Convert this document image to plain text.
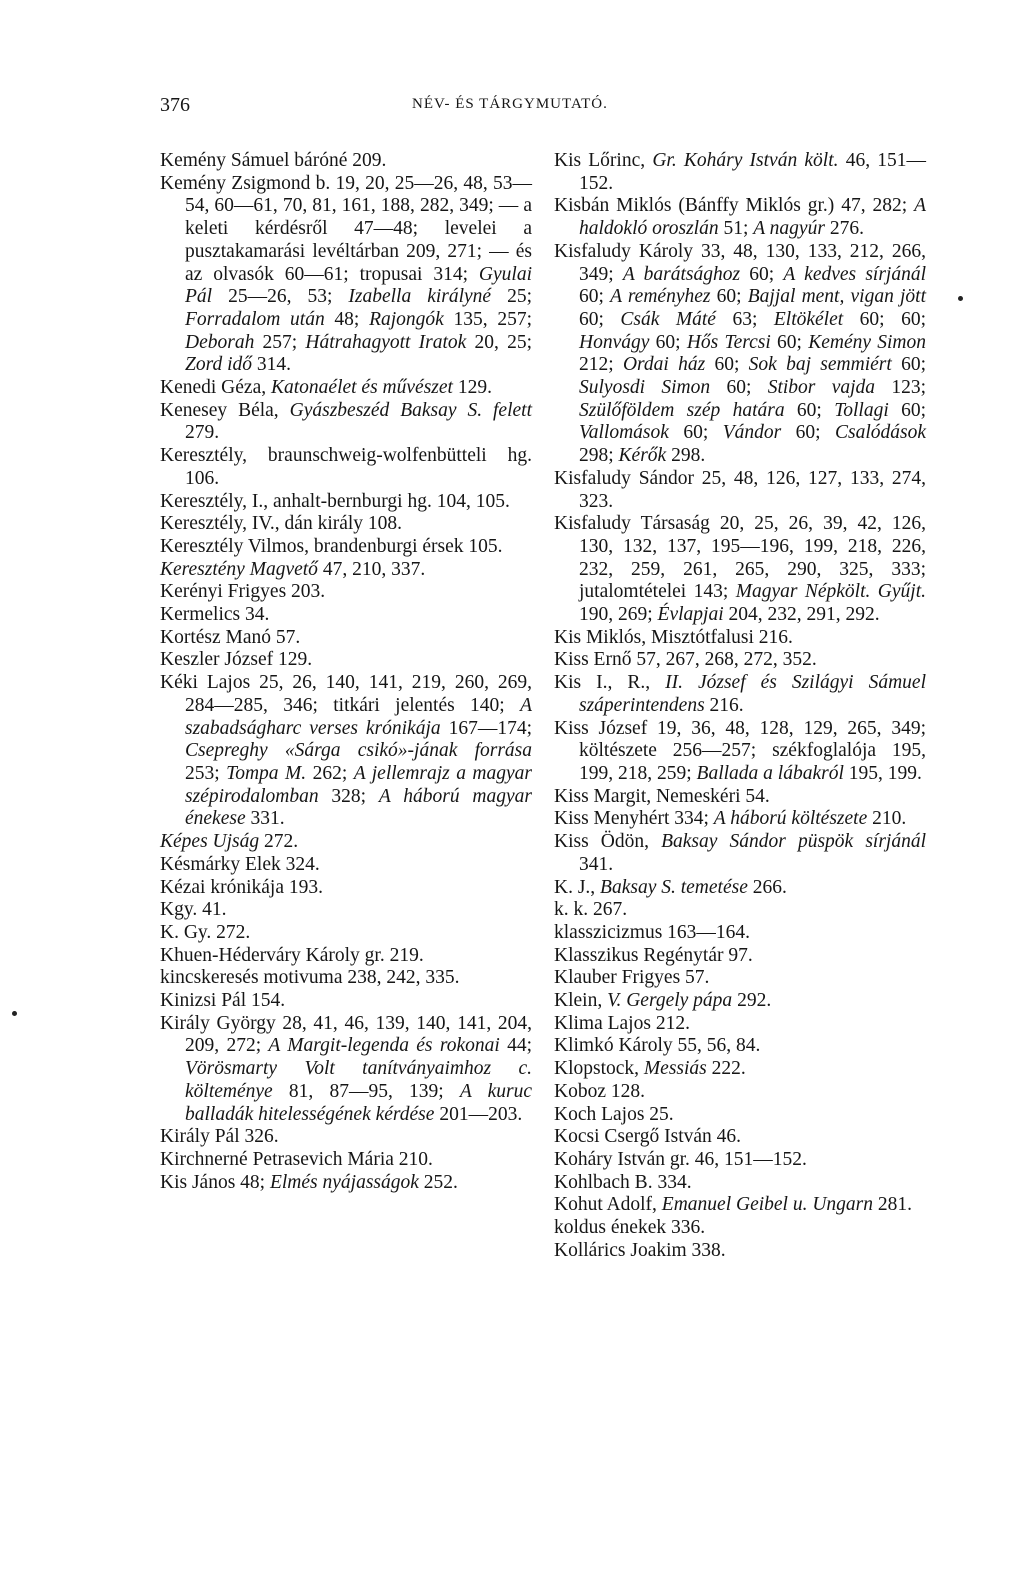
376	NÉV- ÉS TÁRGYMUTATÓ.

Kemény Sámuel báróné 209.

Kemény Zsigmond b. 19, 20, 25—26, 48, 53—54, 60—61, 70, 81, 161, 188, 282, 349; — a keleti kérdésről 47—48; levelei a pusztakamarási levéltárban 209, 271; — és az olvasók 60—61; tropusai 314; Gyulai Pál 25—26, 53; Izabella királyné 25; Forradalom után 48; Rajongók 135, 257; Deborah 257; Hátrahagyott Iratok 20, 25; Zord idő 314.

Kenedi Géza, Katonaélet és művészet 129.

Kenesey Béla, Gyászbeszéd Baksay S. felett 279.

Keresztély, braunschweig-wolfenbütteli hg. 106.

Keresztély, I., anhalt-bernburgi hg. 104, 105.

Keresztély, IV., dán király 108.

Keresztély Vilmos, brandenburgi érsek 105.

Keresztény Magvető 47, 210, 337.

Kerényi Frigyes 203.

Kermelics 34.

Kortész Manó 57.

Keszler József 129.

Kéki Lajos 25, 26, 140, 141, 219, 260, 269, 284—285, 346; titkári jelentés 140; A szabadságharc verses krónikája 167—174; Csepreghy «Sárga csikó»-jának forrása 253; Tompa M. 262; A jellemrajz a magyar szépirodalomban 328; A háború magyar énekese 331.

Képes Ujság 272.

Késmárky Elek 324.

Kézai krónikája 193.

Kgy. 41.

K. Gy. 272.

Khuen-Héderváry Károly gr. 219.

kincskeresés motivuma 238, 242, 335.

Kinizsi Pál 154.

Király György 28, 41, 46, 139, 140, 141, 204, 209, 272; A Margit-legenda és rokonai 44; Vörösmarty Volt tanítványaimhoz c. költeménye 81, 87—95, 139; A kuruc balladák hitelességének kérdése 201—203.

Király Pál 326.

Kirchnerné Petrasevich Mária 210.

Kis János 48; Elmés nyájasságok 252.

Kis Lőrinc, Gr. Koháry István költ. 46, 151—152.

Kisbán Miklós (Bánffy Miklós gr.) 47, 282; A haldokló oroszlán 51; A nagyúr 276.

Kisfaludy Károly 33, 48, 130, 133, 212, 266, 349; A barátsághoz 60; A kedves sírjánál 60; A reményhez 60; Bajjal ment, vigan jött 60; Csák Máté 63; Eltökélet 60; 60; Honvágy 60; Hős Tercsi 60; Kemény Simon 212; Ordai ház 60; Sok baj semmiért 60; Sulyosdi Simon 60; Stibor vajda 123; Szülőföldem szép határa 60; Tollagi 60; Vallomások 60; Vándor 60; Csalódások 298; Kérők 298.

Kisfaludy Sándor 25, 48, 126, 127, 133, 274, 323.

Kisfaludy Társaság 20, 25, 26, 39, 42, 126, 130, 132, 137, 195—196, 199, 218, 226, 232, 259, 261, 265, 290, 325, 333; jutalomtételei 143; Magyar Népkölt. Gyűjt. 190, 269; Évlapjai 204, 232, 291, 292.

Kis Miklós, Misztótfalusi 216.

Kiss Ernő 57, 267, 268, 272, 352.

Kis I., R., II. József és Szilágyi Sámuel száperintendens 216.

Kiss József 19, 36, 48, 128, 129, 265, 349; költészete 256—257; székfoglalója 195, 199, 218, 259; Ballada a lábakról 195, 199.

Kiss Margit, Nemeskéri 54.

Kiss Menyhért 334; A háború költészete 210.

Kiss Ödön, Baksay Sándor püspök sírjánál 341.

K. J., Baksay S. temetése 266.

k. k. 267.

klasszicizmus 163—164.

Klasszikus Regénytár 97.

Klauber Frigyes 57.

Klein, V. Gergely pápa 292.

Klima Lajos 212.

Klimkó Károly 55, 56, 84.

Klopstock, Messiás 222.

Koboz 128.

Koch Lajos 25.

Kocsi Csergő István 46.

Koháry István gr. 46, 151—152.

Kohlbach B. 334.

Kohut Adolf, Emanuel Geibel u. Ungarn 281.

koldus énekek 336.

Kollárics Joakim 338.
